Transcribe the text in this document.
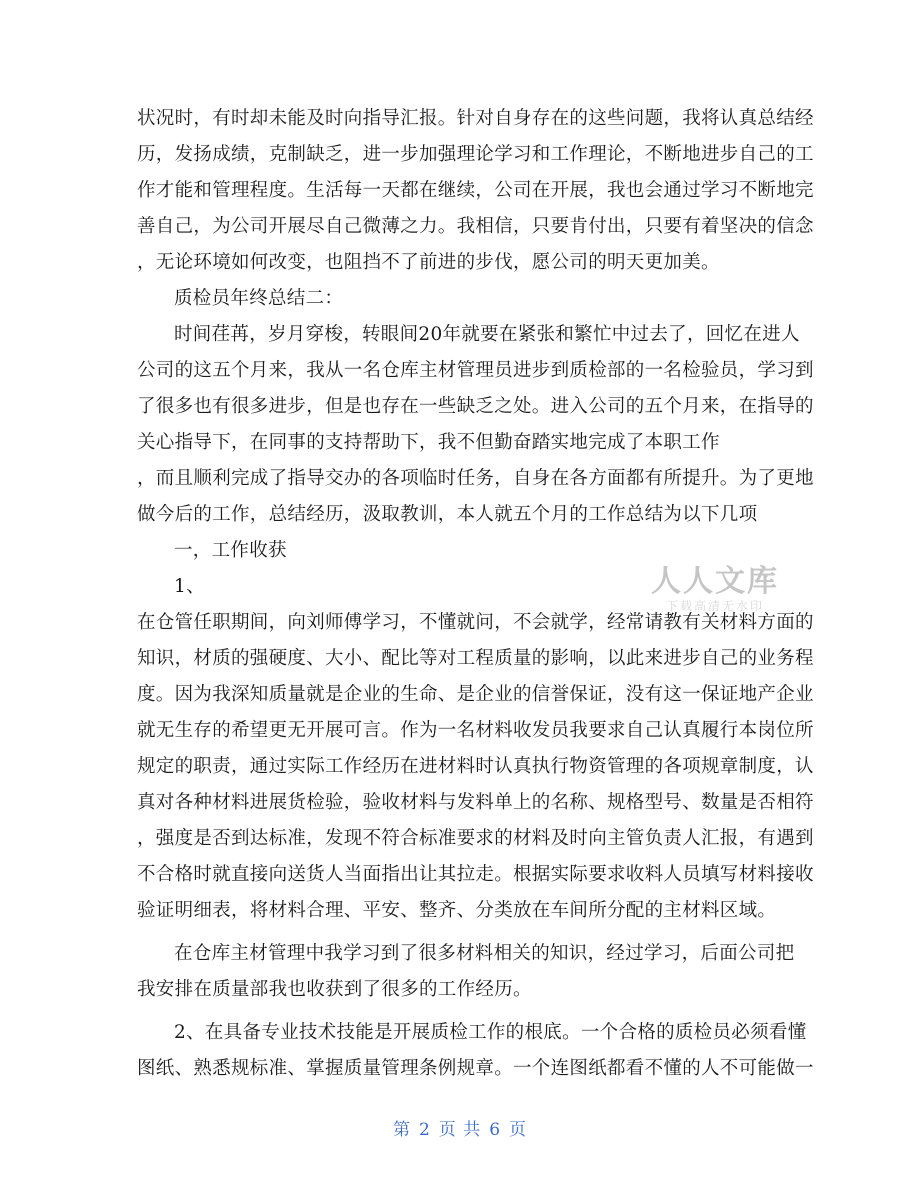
状况时，有时却未能及时向指导汇报。针对自身存在的这些问题，我将认真总结经
历，发扬成绩，克制缺乏，进一步加强理论学习和工作理论，不断地进步自己的工
作才能和管理程度。生活每一天都在继续，公司在开展，我也会通过学习不断地完
善自己，为公司开展尽自己微薄之力。我相信，只要肯付出，只要有着坚决的信念
，无论环境如何改变，也阻挡不了前进的步伐，愿公司的明天更加美。
质检员年终总结二：
时间荏苒，岁月穿梭，转眼间20年就要在紧张和繁忙中过去了，回忆在进人
公司的这五个月来，我从一名仓库主材管理员进步到质检部的一名检验员，学习到
了很多也有很多进步，但是也存在一些缺乏之处。进入公司的五个月来，在指导的
关心指导下，在同事的支持帮助下，我不但勤奋踏实地完成了本职工作
，而且顺利完成了指导交办的各项临时任务，自身在各方面都有所提升。为了更地
做今后的工作，总结经历，汲取教训，本人就五个月的工作总结为以下几项
一，工作收获
1、
在仓管任职期间，向刘师傅学习，不懂就问，不会就学，经常请教有关材料方面的
知识，材质的强硬度、大小、配比等对工程质量的影响，以此来进步自己的业务程
度。因为我深知质量就是企业的生命、是企业的信誉保证，没有这一保证地产企业
就无生存的希望更无开展可言。作为一名材料收发员我要求自己认真履行本岗位所
规定的职责，通过实际工作经历在进材料时认真执行物资管理的各项规章制度，认
真对各种材料进展货检验，验收材料与发料单上的名称、规格型号、数量是否相符
，强度是否到达标准，发现不符合标准要求的材料及时向主管负责人汇报，有遇到
不合格时就直接向送货人当面指出让其拉走。根据实际要求收料人员填写材料接收
验证明细表，将材料合理、平安、整齐、分类放在车间所分配的主材料区域。
在仓库主材管理中我学习到了很多材料相关的知识，经过学习，后面公司把
我安排在质量部我也收获到了很多的工作经历。
2、在具备专业技术技能是开展质检工作的根底。一个合格的质检员必须看懂
图纸、熟悉规标准、掌握质量管理条例规章。一个连图纸都看不懂的人不可能做一
人人文库
下载高清无水印
第 2 页 共 6 页
